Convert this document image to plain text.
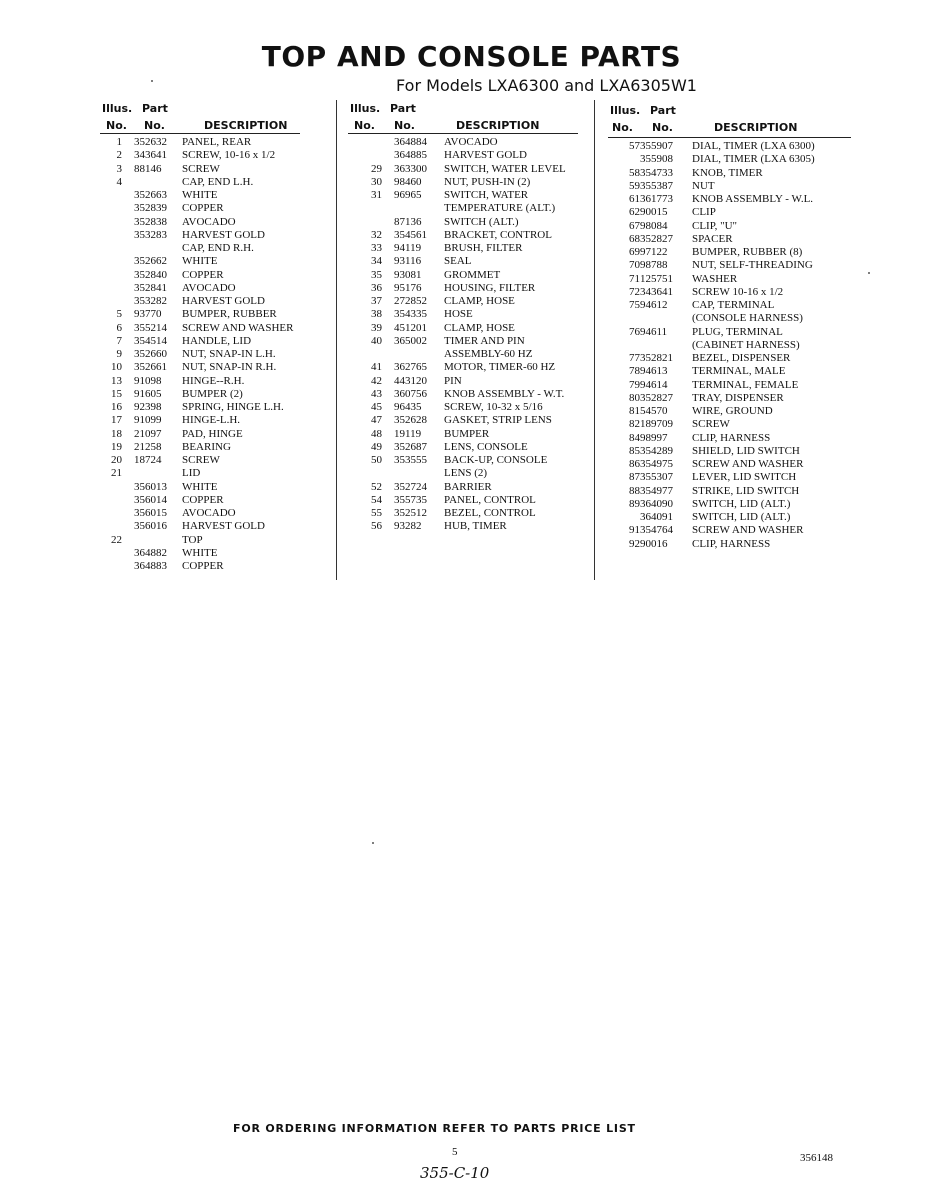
TOP AND CONSOLE PARTS
For Models LXA6300 and LXA6305W1
Illus. Part
No. No.	DESCRIPTION
1 352632 PANEL, REAR
2 343641 SCREW, 10-16 x 1/2
3 88146 SCREW
4	CAP, END L.H.
352663 WHITE
352839 COPPER
352838 AVOCADO
353283 HARVEST GOLD
CAP, END R.H.
352662 WHITE
352840 COPPER
352841 AVOCADO
353282 HARVEST GOLD
5 93770 BUMPER, RUBBER
6 355214 SCREW AND WASHER
7 354514 HANDLE, LID
9 352660 NUT, SNAP-IN L.H.
10 352661 NUT, SNAP-IN R.H.
13 91098 HINGE--R.H.
15 91605 BUMPER (2)
16 92398 SPRING, HINGE L.H.
17 91099 HINGE-L.H.
18 21097 PAD, HINGE
19 21258 BEARING
20 18724 SCREW
21	LID
356013 WHITE
356014 COPPER
356015 AVOCADO
356016 HARVEST GOLD
22	TOP
364882 WHITE
364883 COPPER
Illus. Part
No. No.	DESCRIPTION
364884 AVOCADO
364885 HARVEST GOLD
29 363300 SWITCH, WATER LEVEL
30 98460 NUT, PUSH-IN (2)
31 96965 SWITCH, WATER
TEMPERATURE (ALT.)
87136 SWITCH (ALT.)
32 354561 BRACKET, CONTROL
33 94119 BRUSH, FILTER
34 93116 SEAL
35 93081 GROMMET
36 95176 HOUSING, FILTER
37 272852 CLAMP, HOSE
38 354335 HOSE
39 451201 CLAMP, HOSE
40 365002 TIMER AND PIN
ASSEMBLY-60 HZ
41 362765 MOTOR, TIMER-60 HZ
42 443120 PIN
43 360756 KNOB ASSEMBLY - W.T.
45 96435 SCREW, 10-32 x 5/16
47 352628 GASKET, STRIP LENS
48 19119 BUMPER
49 352687 LENS, CONSOLE
50 353555 BACK-UP, CONSOLE
LENS (2)
52 352724 BARRIER
54 355735 PANEL, CONTROL
55 352512 BEZEL, CONTROL
56 93282 HUB, TIMER
Illus. Part
No. No.	DESCRIPTION
57 355907 DIAL, TIMER (LXA 6300)
355908 DIAL, TIMER (LXA 6305)
58 354733 KNOB, TIMER
59 355387 NUT
61 361773 KNOB ASSEMBLY - W.L.
62 90015 CLIP
67 98084 CLIP, "U"
68 352827 SPACER
69 97122 BUMPER, RUBBER (8)
70 98788 NUT, SELF-THREADING
71 125751 WASHER
72 343641 SCREW 10-16 x 1/2
75 94612 CAP, TERMINAL
(CONSOLE HARNESS)
76 94611 PLUG, TERMINAL
(CABINET HARNESS)
77 352821 BEZEL, DISPENSER
78 94613 TERMINAL, MALE
79 94614 TERMINAL, FEMALE
80 352827 TRAY, DISPENSER
81 54570 WIRE, GROUND
82 189709 SCREW
84 98997 CLIP, HARNESS
85 354289 SHIELD, LID SWITCH
86 354975 SCREW AND WASHER
87 355307 LEVER, LID SWITCH
88 354977 STRIKE, LID SWITCH
89 364090 SWITCH, LID (ALT.)
364091 SWITCH, LID (ALT.)
91 354764 SCREW AND WASHER
92 90016 CLIP, HARNESS
FOR ORDERING INFORMATION REFER TO PARTS PRICE LIST
5	356148
355-C-10
